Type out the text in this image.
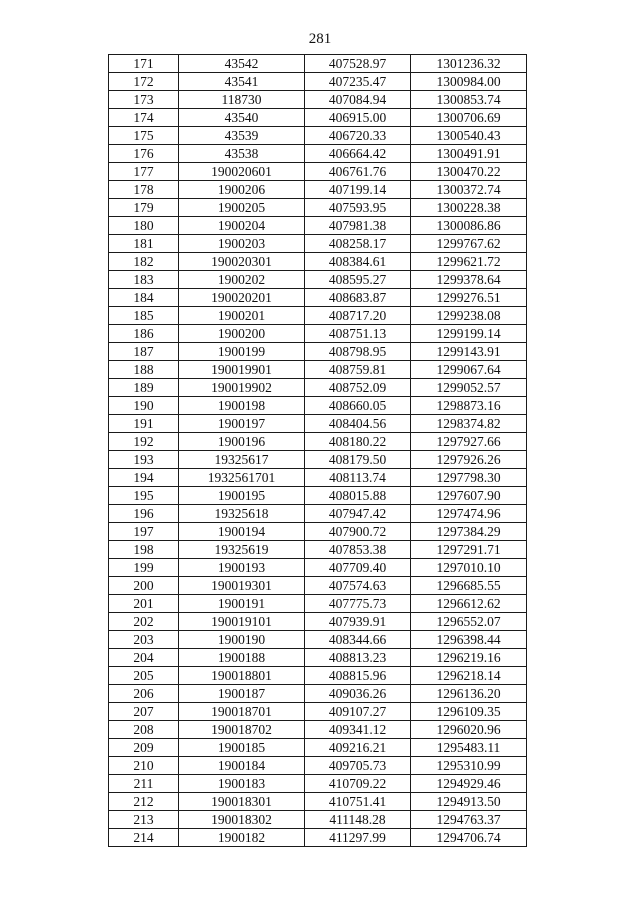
281
171	43542	407528.97	1301236.32
172	43541	407235.47	1300984.00
173	118730	407084.94	1300853.74
174	43540	406915.00	1300706.69
175	43539	406720.33	1300540.43
176	43538	406664.42	1300491.91
177	190020601	406761.76	1300470.22
178	1900206	407199.14	1300372.74
179	1900205	407593.95	1300228.38
180	1900204	407981.38	1300086.86
181	1900203	408258.17	1299767.62
182	190020301	408384.61	1299621.72
183	1900202	408595.27	1299378.64
184	190020201	408683.87	1299276.51
185	1900201	408717.20	1299238.08
186	1900200	408751.13	1299199.14
187	1900199	408798.95	1299143.91
188	190019901	408759.81	1299067.64
189	190019902	408752.09	1299052.57
190	1900198	408660.05	1298873.16
191	1900197	408404.56	1298374.82
192	1900196	408180.22	1297927.66
193	19325617	408179.50	1297926.26
194	1932561701	408113.74	1297798.30
195	1900195	408015.88	1297607.90
196	19325618	407947.42	1297474.96
197	1900194	407900.72	1297384.29
198	19325619	407853.38	1297291.71
199	1900193	407709.40	1297010.10
200	190019301	407574.63	1296685.55
201	1900191	407775.73	1296612.62
202	190019101	407939.91	1296552.07
203	1900190	408344.66	1296398.44
204	1900188	408813.23	1296219.16
205	190018801	408815.96	1296218.14
206	1900187	409036.26	1296136.20
207	190018701	409107.27	1296109.35
208	190018702	409341.12	1296020.96
209	1900185	409216.21	1295483.11
210	1900184	409705.73	1295310.99
211	1900183	410709.22	1294929.46
212	190018301	410751.41	1294913.50
213	190018302	411148.28	1294763.37
214	1900182	411297.99	1294706.74
